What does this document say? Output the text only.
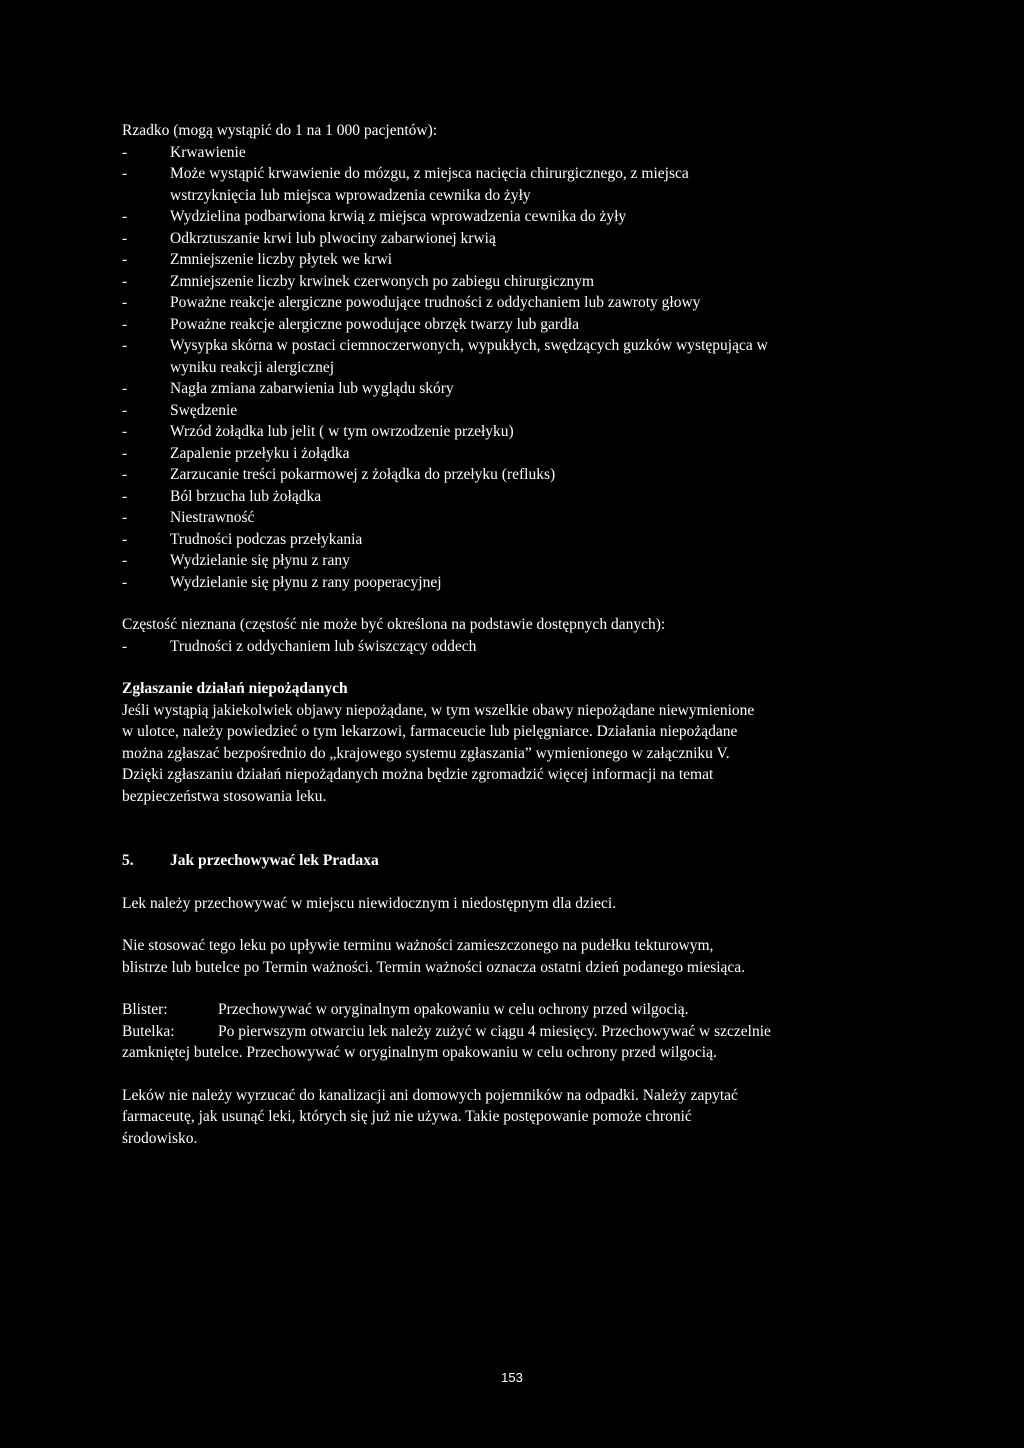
Rzadko (mogą wystąpić do 1 na 1 000 pacjentów):
-	Krwawienie
-	Może wystąpić krwawienie do mózgu, z miejsca nacięcia chirurgicznego, z miejsca
wstrzyknięcia lub miejsca wprowadzenia cewnika do żyły
-	Wydzielina podbarwiona krwią z miejsca wprowadzenia cewnika do żyły
-	Odkrztuszanie krwi lub plwociny zabarwionej krwią
-	Zmniejszenie liczby płytek we krwi
-	Zmniejszenie liczby krwinek czerwonych po zabiegu chirurgicznym
-	Poważne reakcje alergiczne powodujące trudności z oddychaniem lub zawroty głowy
-	Poważne reakcje alergiczne powodujące obrzęk twarzy lub gardła
-	Wysypka skórna w postaci ciemnoczerwonych, wypukłych, swędzących guzków występująca w
wyniku reakcji alergicznej
-	Nagła zmiana zabarwienia lub wyglądu skóry
-	Swędzenie
-	Wrzód żołądka lub jelit ( w tym owrzodzenie przełyku)
-	Zapalenie przełyku i żołądka
-	Zarzucanie treści pokarmowej z żołądka do przełyku (refluks)
-	Ból brzucha lub żołądka
-	Niestrawność
-	Trudności podczas przełykania
-	Wydzielanie się płynu z rany
-	Wydzielanie się płynu z rany pooperacyjnej
Częstość nieznana (częstość nie może być określona na podstawie dostępnych danych):
-	Trudności z oddychaniem lub świszczący oddech
Zgłaszanie działań niepożądanych
Jeśli wystąpią jakiekolwiek objawy niepożądane, w tym wszelkie obawy niepożądane niewymienione
w ulotce, należy powiedzieć o tym lekarzowi, farmaceucie lub pielęgniarce. Działania niepożądane
można zgłaszać bezpośrednio do „krajowego systemu zgłaszania” wymienionego w załączniku V.
Dzięki zgłaszaniu działań niepożądanych można będzie zgromadzić więcej informacji na temat
bezpieczeństwa stosowania leku.
5.	Jak przechowywać lek Pradaxa
Lek należy przechowywać w miejscu niewidocznym i niedostępnym dla dzieci.
Nie stosować tego leku po upływie terminu ważności zamieszczonego na pudełku tekturowym,
blistrze lub butelce po Termin ważności. Termin ważności oznacza ostatni dzień podanego miesiąca.
Blister:	Przechowywać w oryginalnym opakowaniu w celu ochrony przed wilgocią.
Butelka:	Po pierwszym otwarciu lek należy zużyć w ciągu 4 miesięcy. Przechowywać w szczelnie
zamkniętej butelce. Przechowywać w oryginalnym opakowaniu w celu ochrony przed wilgocią.
Leków nie należy wyrzucać do kanalizacji ani domowych pojemników na odpadki. Należy zapytać
farmaceutę, jak usunąć leki, których się już nie używa. Takie postępowanie pomoże chronić
środowisko.
153
